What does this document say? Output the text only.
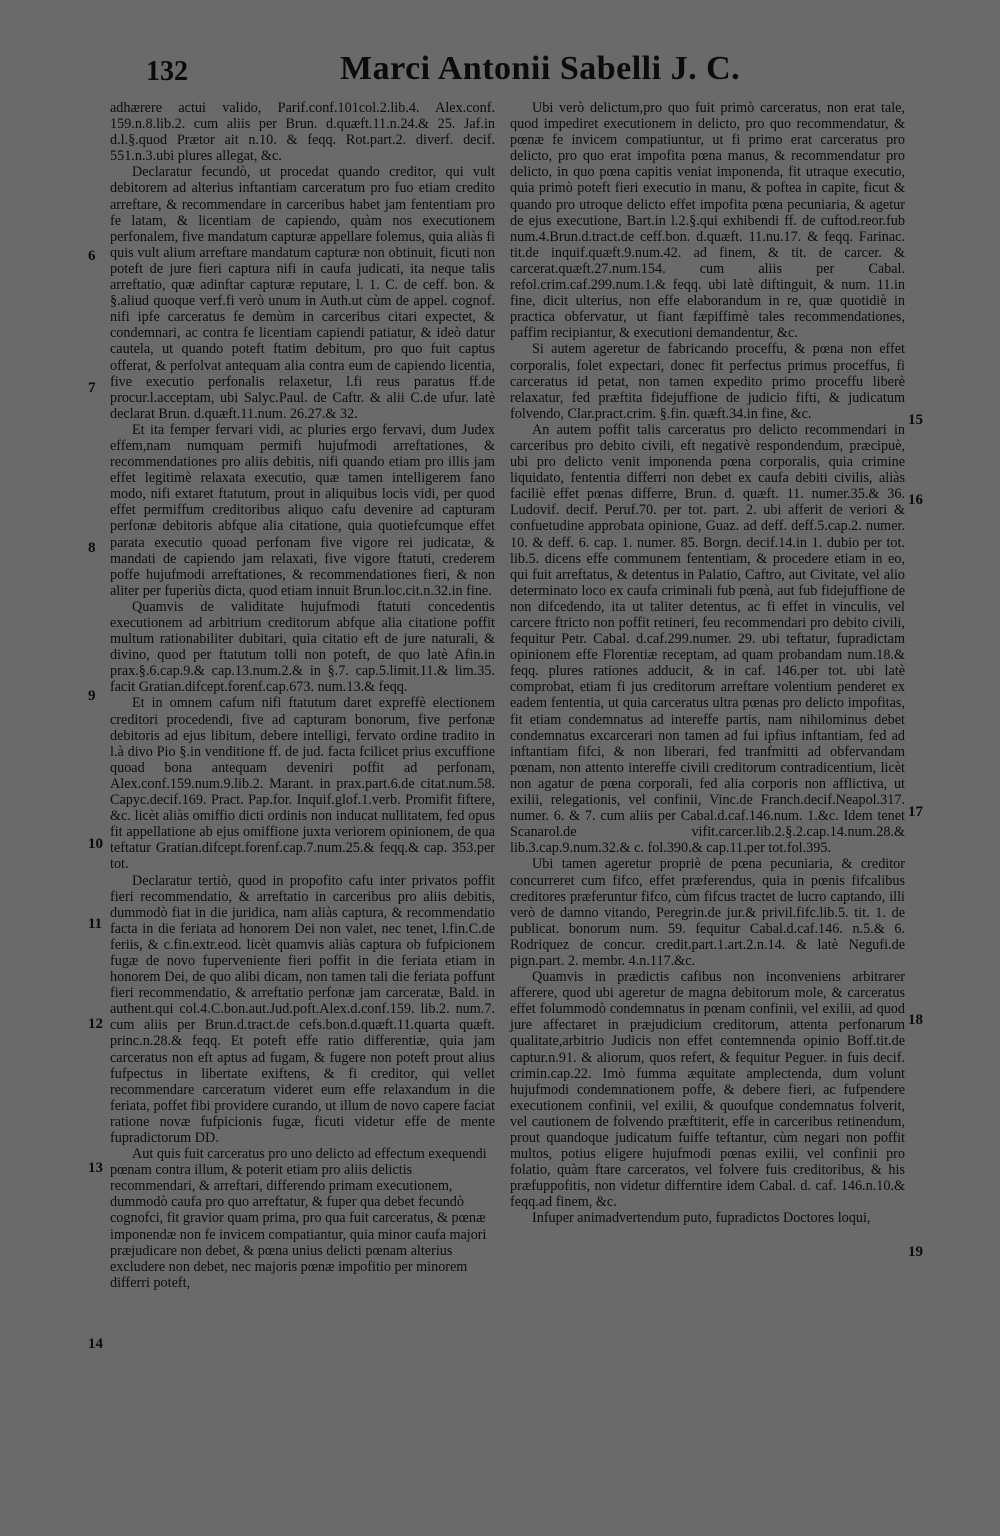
132	Marci Antonii Sabelli J. C.

adhærere actui valido, Parif.conf.101col.2.lib.4. Alex.conf. 159.n.8.lib.2. cum aliis per Brun. d.quæft.11.n.24.& 25. Jaf.in d.l.§.quod Prætor ait n.10. & feqq. Rot.part.2. diverf. decif. 551.n.3.ubi plures allegat, &c.

Declaratur fecundò, ut procedat quando creditor, qui vult debitorem ad alterius inftantiam carceratum pro fuo etiam credito arreftare, & recommendare in carceribus habet jam fententiam pro fe latam, & licentiam de capiendo, quàm nos executionem perfonalem, five mandatum capturæ appellare folemus, quia aliàs fi quis vult alium arreftare mandatum capturæ non obtinuit, ficuti non poteft de jure fieri captura nifi in caufa judicati, ita neque talis arreftatio, quæ adinftar capturæ reputare, l. 1. C. de ceff. bon. & §.aliud quoque verf.fi verò unum in Auth.ut cùm de appel. cognof. nifi ipfe carceratus fe demùm in carceribus citari expectet, & condemnari, ac contra fe licentiam capiendi patiatur, & ideò datur cautela, ut quando poteft ftatim debitum, pro quo fuit captus offerat, & perfolvat antequam alia contra eum de capiendo licentia, five executio perfonalis relaxetur, l.fi reus paratus ff.de procur.l.acceptam, ubi Salyc.Paul. de Caftr. & alii C.de ufur. latè declarat Brun. d.quæft.11.num. 26.27.& 32.

Et ita femper fervari vidi, ac pluries ergo fervavi, dum Judex effem,nam numquam permifi hujufmodi arreftationes, & recommendationes pro aliis debitis, nifi quando etiam pro illis jam effet legitimè relaxata executio, quæ tamen intelligerem fano modo, nifi extaret ftatutum, prout in aliquibus locis vidi, per quod effet permiffum creditoribus aliquo cafu devenire ad capturam perfonæ debitoris abfque alia citatione, quia quotiefcumque effet parata executio quoad perfonam five vigore rei judicatæ, & mandati de capiendo jam relaxati, five vigore ftatuti, crederem poffe hujufmodi arreftationes, & recommendationes fieri, & non aliter per fuperiùs dicta, quod etiam innuit Brun.loc.cit.n.32.in fine.

Quamvis de validitate hujufmodi ftatuti concedentis executionem ad arbitrium creditorum abfque alia citatione poffit multum rationabiliter dubitari, quia citatio eft de jure naturali, & divino, quod per ftatutum tolli non poteft, de quo latè Afin.in prax.§.6.cap.9.& cap.13.num.2.& in §.7. cap.5.limit.11.& lim.35. facit Gratian.difcept.forenf.cap.673. num.13.& feqq.

Et in omnem cafum nifi ftatutum daret expreffè electionem creditori procedendi, five ad capturam bonorum, five perfonæ debitoris ad ejus libitum, debere intelligi, fervato ordine tradito in l.à divo Pio §.in venditione ff. de jud. facta fcilicet prius excuffione quoad bona antequam deveniri poffit ad perfonam, Alex.conf.159.num.9.lib.2. Marant. in prax.part.6.de citat.num.58. Capyc.decif.169. Pract. Pap.for. Inquif.glof.1.verb. Promifit fiftere, &c. licèt aliàs omiffio dicti ordinis non inducat nullitatem, fed opus fit appellatione ab ejus omiffione juxta veriorem opinionem, de qua teftatur Gratian.difcept.forenf.cap.7.num.25.& feqq.& cap. 353.per tot.

Declaratur tertiò, quod in propofito cafu inter privatos poffit fieri recommendatio, & arreftatio in carceribus pro aliis debitis, dummodò fiat in die juridica, nam aliàs captura, & recommendatio facta in die feriata ad honorem Dei non valet, nec tenet, l.fin.C.de feriis, & c.fin.extr.eod. licèt quamvis aliàs captura ob fufpicionem fugæ de novo fuperveniente fieri poffit in die feriata etiam in honorem Dei, de quo alibi dicam, non tamen tali die feriata poffunt fieri recommendatio, & arreftatio perfonæ jam carceratæ, Bald. in authent.qui col.4.C.bon.aut.Jud.poft.Alex.d.conf.159. lib.2. num.7. cum aliis per Brun.d.tract.de cefs.bon.d.quæft.11.quarta quæft. princ.n.28.& feqq. Et poteft effe ratio differentiæ, quia jam carceratus non eft aptus ad fugam, & fugere non poteft prout alius fufpectus in libertate exiftens, & fi creditor, qui vellet recommendare carceratum videret eum effe relaxandum in die feriata, poffet fibi providere curando, ut illum de novo capere faciat ratione novæ fufpicionis fugæ, ficuti videtur effe de mente fupradictorum DD.

Aut quis fuit carceratus pro uno delicto ad effectum exequendi pœnam contra illum, & poterit etiam pro aliis delictis recommendari, & arreftari, differendo primam executionem, dummodò caufa pro quo arreftatur, & fuper qua debet fecundò cognofci, fit gravior quam prima, pro qua fuit carceratus, & pœnæ imponendæ non fe invicem compatiantur, quia minor caufa majori præjudicare non debet, & pœna unius delicti pœnam alterius excludere non debet, nec majoris pœnæ impofitio per minorem differri poteft,

Ubi verò delictum,pro quo fuit primò carceratus, non erat tale, quod impediret executionem in delicto, pro quo recommendatur, & pœnæ fe invicem compatiuntur, ut fi primo erat carceratus pro delicto, pro quo erat impofita pœna manus, & recommendatur pro delicto, in quo pœna capitis veniat imponenda, fit utraque executio, quia primò poteft fieri executio in manu, & poftea in capite, ficut & quando pro utroque delicto effet impofita pœna pecuniaria, & agetur de ejus executione, Bart.in l.2.§.qui exhibendi ff. de cuftod.reor.fub num.4.Brun.d.tract.de ceff.bon. d.quæft. 11.nu.17. & feqq. Farinac. tit.de inquif.quæft.9.num.42. ad finem, & tit. de carcer. & carcerat.quæft.27.num.154. cum aliis per Cabal. refol.crim.caf.299.num.1.& feqq. ubi latè diftinguit, & num. 11.in fine, dicit ulterius, non effe elaborandum in re, quæ quotidiè in practica obfervatur, ut fiant fæpiffimè tales recommendationes, paffim recipiantur, & executioni demandentur, &c.

Si autem ageretur de fabricando proceffu, & pœna non effet corporalis, folet expectari, donec fit perfectus primus proceffus, fi carceratus id petat, non tamen expedito primo proceffu liberè relaxatur, fed præftita fidejuffione de judicio fifti, & judicatum folvendo, Clar.pract.crim. §.fin. quæft.34.in fine, &c.

An autem poffit talis carceratus pro delicto recommendari in carceribus pro debito civili, eft negativè respondendum, præcipuè, ubi pro delicto venit imponenda pœna corporalis, quia crimine liquidato, fententia differri non debet ex caufa debiti civilis, aliàs faciliè effet pœnas differre, Brun. d. quæft. 11. numer.35.& 36. Ludovif. decif. Peruf.70. per tot. part. 2. ubi afferit de veriori & confuetudine approbata opinione, Guaz. ad deff. deff.5.cap.2. numer. 10. & deff. 6. cap. 1. numer. 85. Borgn. decif.14.in 1. dubio per tot. lib.5. dicens effe communem fententiam, & procedere etiam in eo, qui fuit arreftatus, & detentus in Palatio, Caftro, aut Civitate, vel alio determinato loco ex caufa criminali fub pœnà, aut fub fidejuffione de non difcedendo, ita ut taliter detentus, ac fi effet in vinculis, vel carcere ftricto non poffit retineri, feu recommendari pro debito civili, fequitur Petr. Cabal. d.caf.299.numer. 29. ubi teftatur, fupradictam opinionem effe Florentiæ receptam, ad quam probandam num.18.& feqq. plures rationes adducit, & in caf. 146.per tot. ubi latè comprobat, etiam fi jus creditorum arreftare volentium penderet ex eadem fententia, ut quia carceratus ultra pœnas pro delicto impofitas, fit etiam condemnatus ad intereffe partis, nam nihilominus debet condemnatus excarcerari non tamen ad fui ipfius inftantiam, fed ad inftantiam fifci, & non liberari, fed tranfmitti ad obfervandam pœnam, non attento intereffe civili creditorum contradicentium, licèt non agatur de pœna corporali, fed alia corporis non afflictiva, ut exilii, relegationis, vel confinii, Vinc.de Franch.decif.Neapol.317. numer. 6. & 7. cum aliis per Cabal.d.caf.146.num. 1.&c. Idem tenet Scanarol.de vifit.carcer.lib.2.§.2.cap.14.num.28.& lib.3.cap.9.num.32.& c. fol.390.& cap.11.per tot.fol.395.

Ubi tamen ageretur propriè de pœna pecuniaria, & creditor concurreret cum fifco, effet præferendus, quia in pœnis fifcalibus creditores præferuntur fifco, cùm fifcus tractet de lucro captando, illi verò de damno vitando, Peregrin.de jur.& privil.fifc.lib.5. tit. 1. de publicat. bonorum num. 59. fequitur Cabal.d.caf.146. n.5.& 6. Rodriquez de concur. credit.part.1.art.2.n.14. & latè Negufi.de pign.part. 2. membr. 4.n.117.&c.

Quamvis in prædictis cafibus non inconveniens arbitrarer afferere, quod ubi ageretur de magna debitorum mole, & carceratus effet folummodò condemnatus in pœnam confinii, vel exilii, ad quod jure affectaret in præjudicium creditorum, attenta perfonarum qualitate,arbitrio Judicis non effet contemnenda opinio Boff.tit.de captur.n.91. & aliorum, quos refert, & fequitur Peguer. in fuis decif. crimin.cap.22. Imò fumma æquitate amplectenda, dum volunt hujufmodi condemnationem poffe, & debere fieri, ac fufpendere executionem confinii, vel exilii, & quoufque condemnatus folverit, vel cautionem de folvendo præftiterit, effe in carceribus retinendum, prout quandoque judicatum fuiffe teftantur, cùm negari non poffit multos, potius eligere hujufmodi pœnas exilii, vel confinii pro folatio, quàm ftare carceratos, vel folvere fuis creditoribus, & his præfuppofitis, non videtur differntire idem Cabal. d. caf. 146.n.10.& feqq.ad finem, &c.

Infuper animadvertendum puto, fupradictos Doctores loqui,

6
7
8
9
10
11
12
13
14
15
16
17
18
19
